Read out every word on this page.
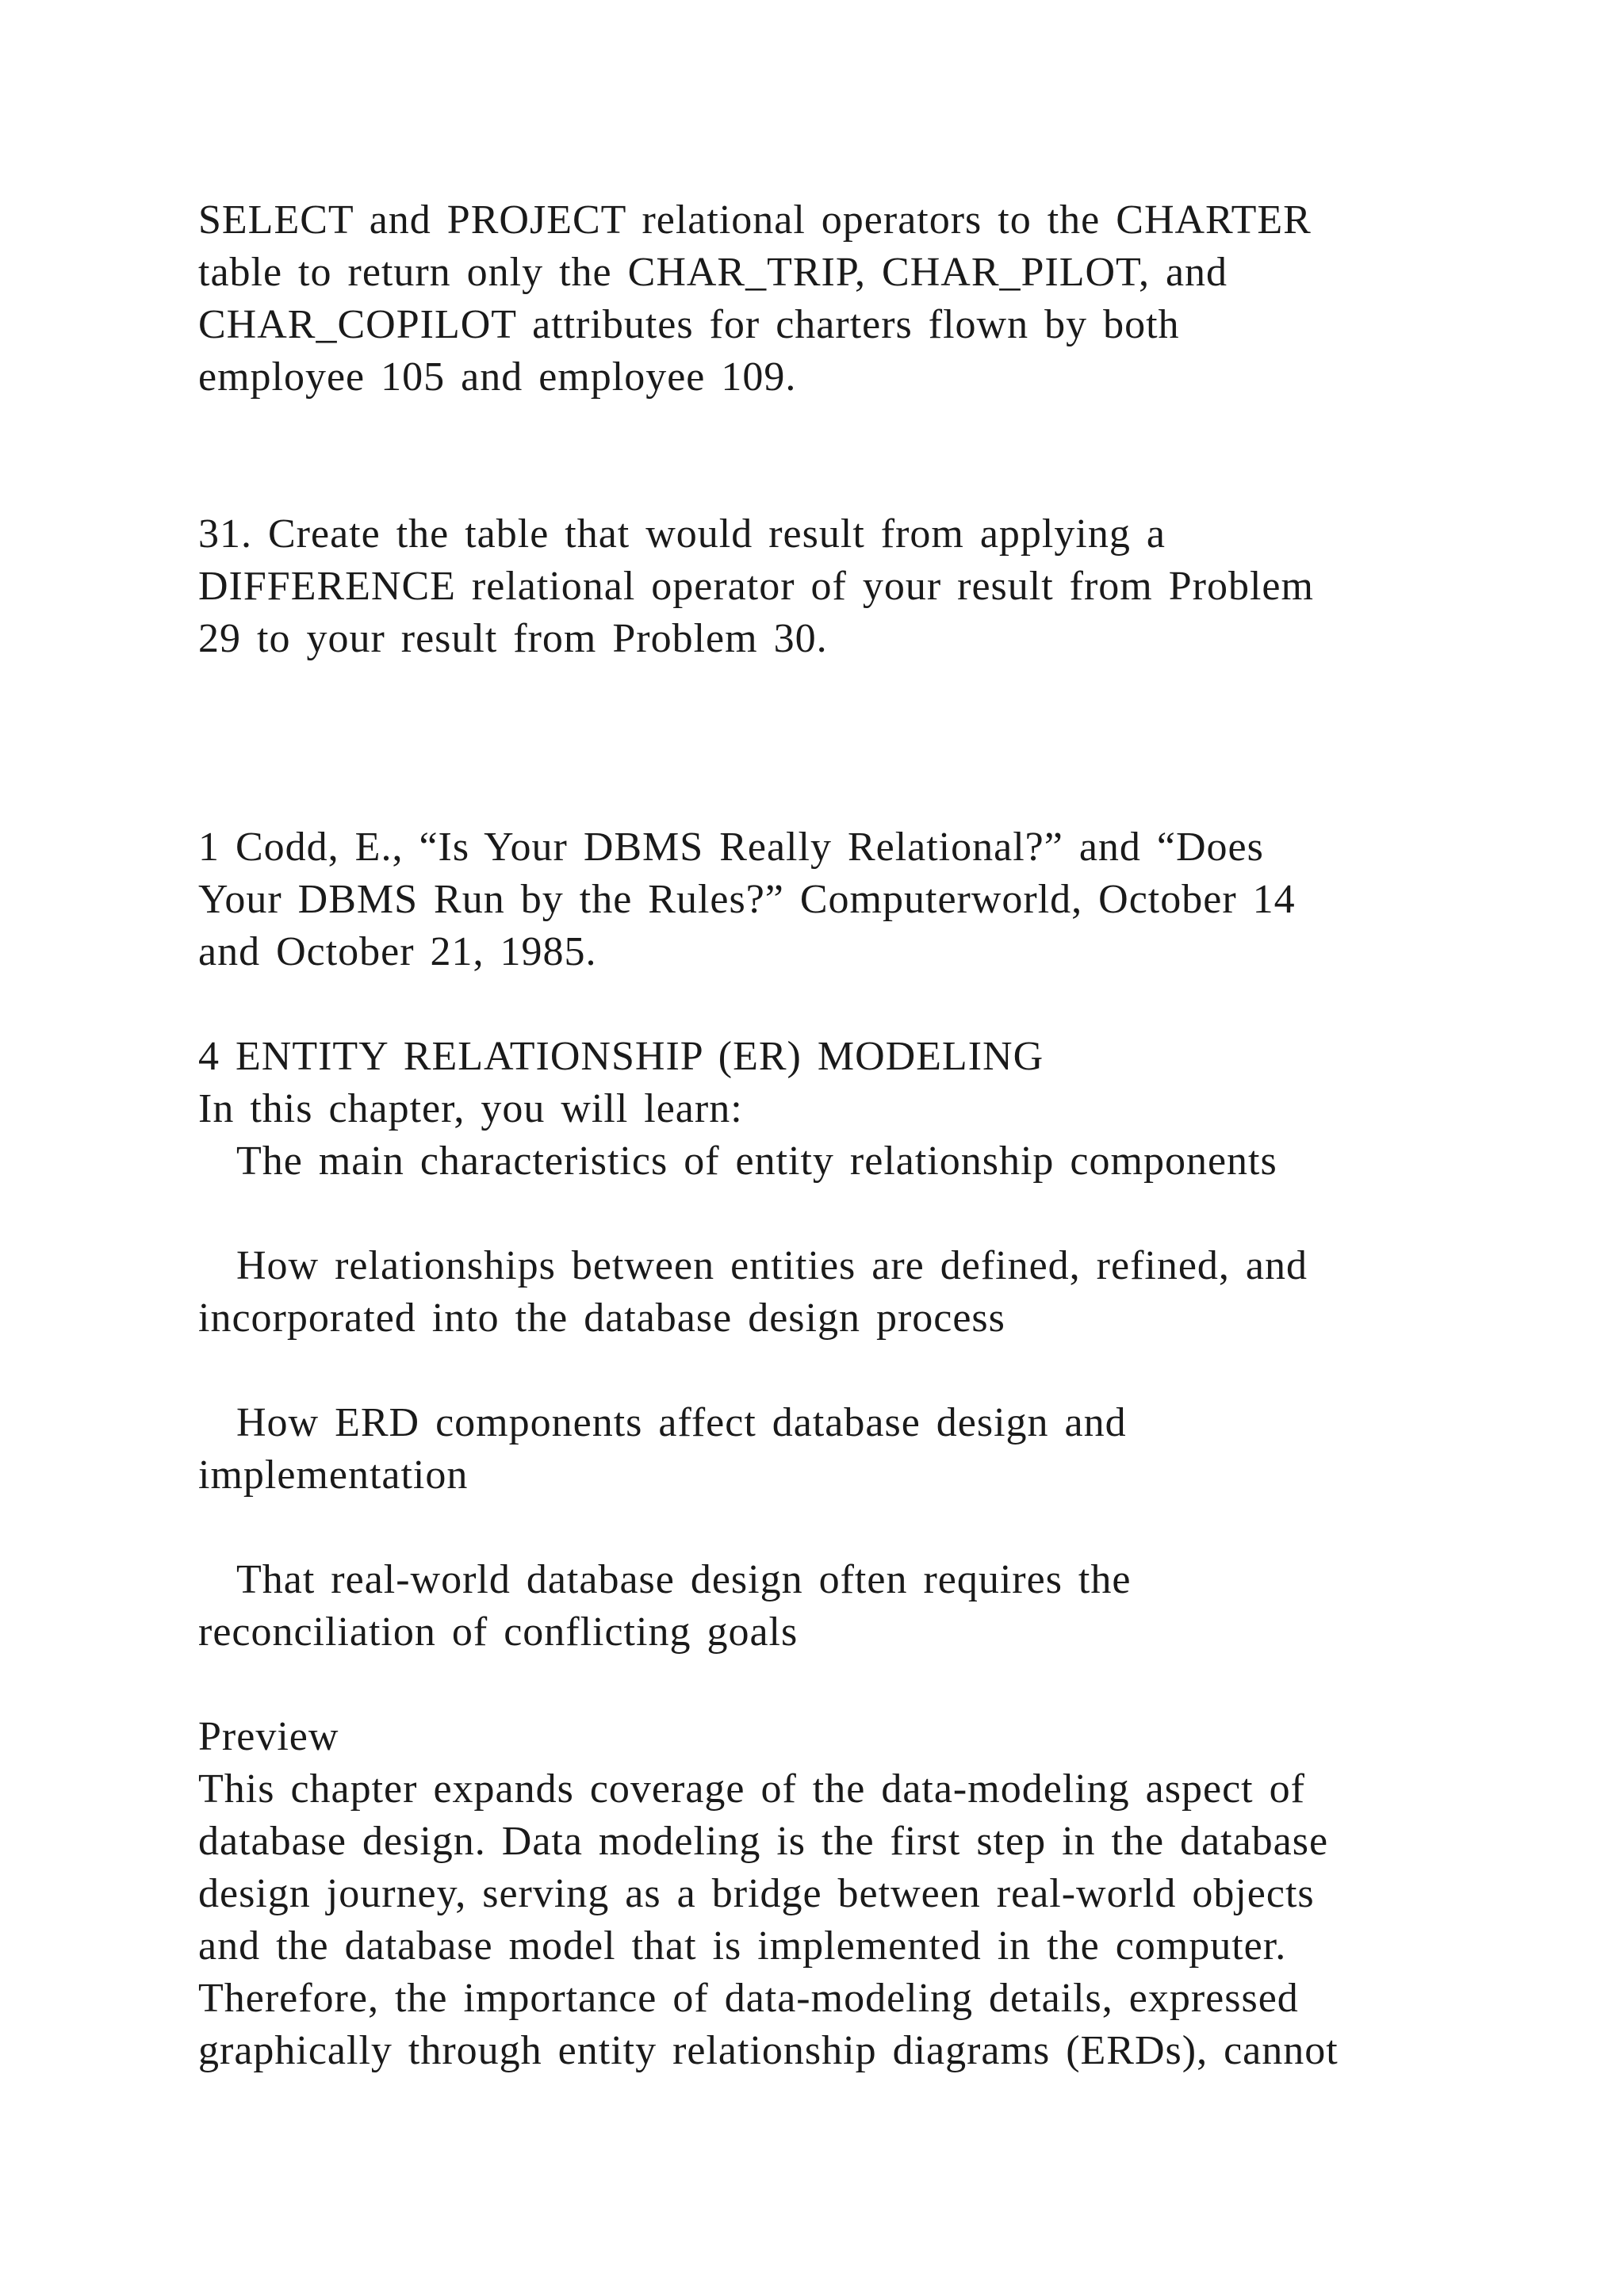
SELECT and PROJECT relational operators to the CHARTER
table to return only the CHAR_TRIP, CHAR_PILOT, and
CHAR_COPILOT attributes for charters flown by both
employee 105 and employee 109.
31. Create the table that would result from applying a
DIFFERENCE relational operator of your result from Problem
29 to your result from Problem 30.
1 Codd, E., “Is Your DBMS Really Relational?” and “Does
Your DBMS Run by the Rules?” Computerworld, October 14
and October 21, 1985.
4 ENTITY RELATIONSHIP (ER) MODELING
In this chapter, you will learn:
The main characteristics of entity relationship components
How relationships between entities are defined, refined, and
incorporated into the database design process
How ERD components affect database design and
implementation
That real-world database design often requires the
reconciliation of conflicting goals
Preview
This chapter expands coverage of the data-modeling aspect of
database design. Data modeling is the first step in the database
design journey, serving as a bridge between real-world objects
and the database model that is implemented in the computer.
Therefore, the importance of data-modeling details, expressed
graphically through entity relationship diagrams (ERDs), cannot
